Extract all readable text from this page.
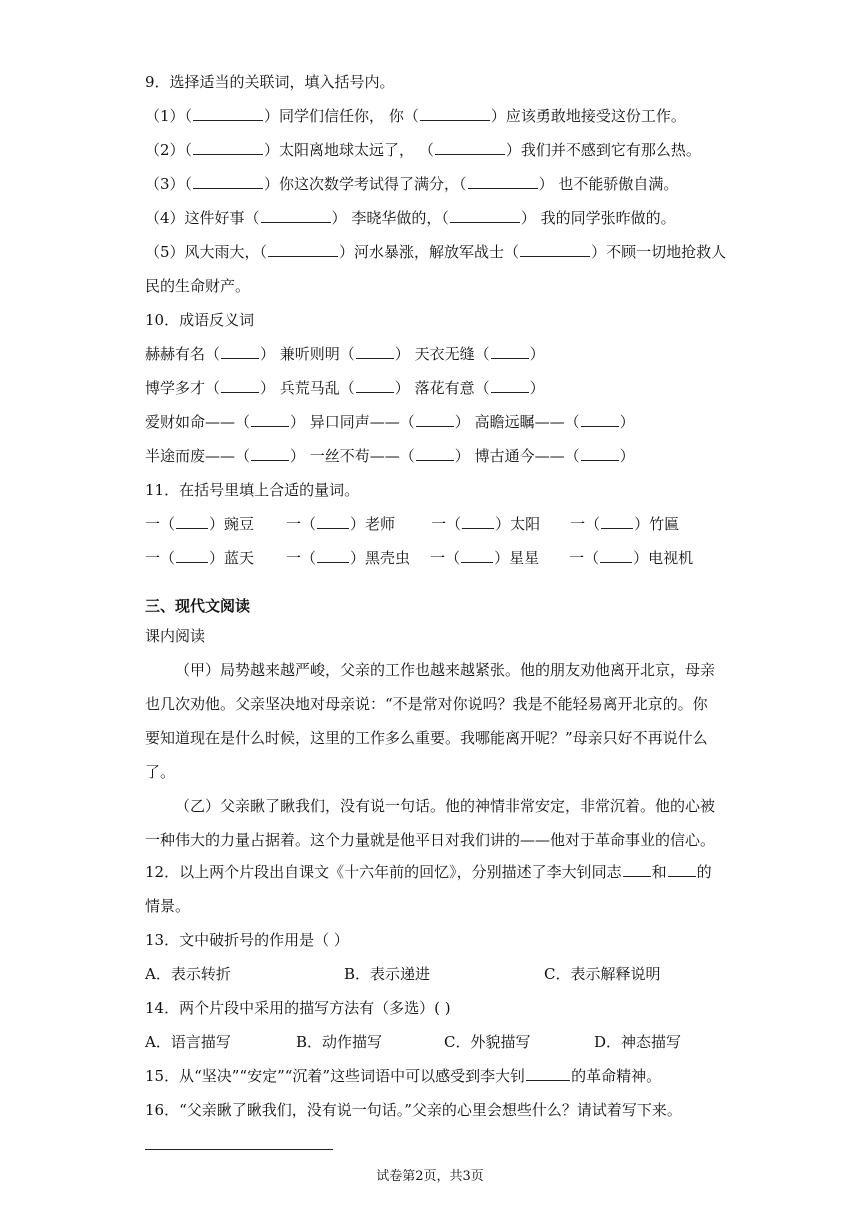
9．选择适当的关联词，填入括号内。
（1）（	）同学们信任你， 你（	）应该勇敢地接受这份工作。
（2）（	）太阳离地球太远了， （	）我们并不感到它有那么热。
（3）（	）你这次数学考试得了满分，（	） 也不能骄傲自满。
（4）这件好事（	） 李晓华做的，（	） 我的同学张昨做的。
（5）风大雨大，（	）河水暴涨，解放军战士（	）不顾一切地抢救人
民的生命财产。
10．成语反义词
赫赫有名（	） 兼听则明（	） 天衣无缝（	）
博学多才（	） 兵荒马乱（	） 落花有意（	）
爱财如命——（	） 异口同声——（	） 高瞻远瞩——（	）
半途而废——（	） 一丝不苟——（	） 博古通今——（	）
11．在括号里填上合适的量词。
一（ ）豌豆 一（ ）老师 一（ ）太阳 一（ ）竹匾
一（ ）蓝天 一（ ）黑壳虫 一（ ）星星 一（ ）电视机
三、现代文阅读
课内阅读
（甲）局势越来越严峻，父亲的工作也越来越紧张。他的朋友劝他离开北京，母亲
也几次劝他。父亲坚决地对母亲说：“不是常对你说吗？我是不能轻易离开北京的。你
要知道现在是什么时候，这里的工作多么重要。我哪能离开呢？”母亲只好不再说什么
了。
（乙）父亲瞅了瞅我们，没有说一句话。他的神情非常安定，非常沉着。他的心被
一种伟大的力量占据着。这个力量就是他平日对我们讲的——他对于革命事业的信心。
12．以上两个片段出自课文《十六年前的回忆》，分别描述了李大钊同志 和 的
情景。
13．文中破折号的作用是（ ）
A．表示转折	B．表示递进	C．表示解释说明
14．两个片段中采用的描写方法有（多选）( )
A．语言描写	B．动作描写	C．外貌描写	D．神态描写
15．从“坚决”“安定”“沉着”这些词语中可以感受到李大钊	的革命精神。
16．“父亲瞅了瞅我们，没有说一句话。”父亲的心里会想些什么？请试着写下来。
试卷第2页，共3页
